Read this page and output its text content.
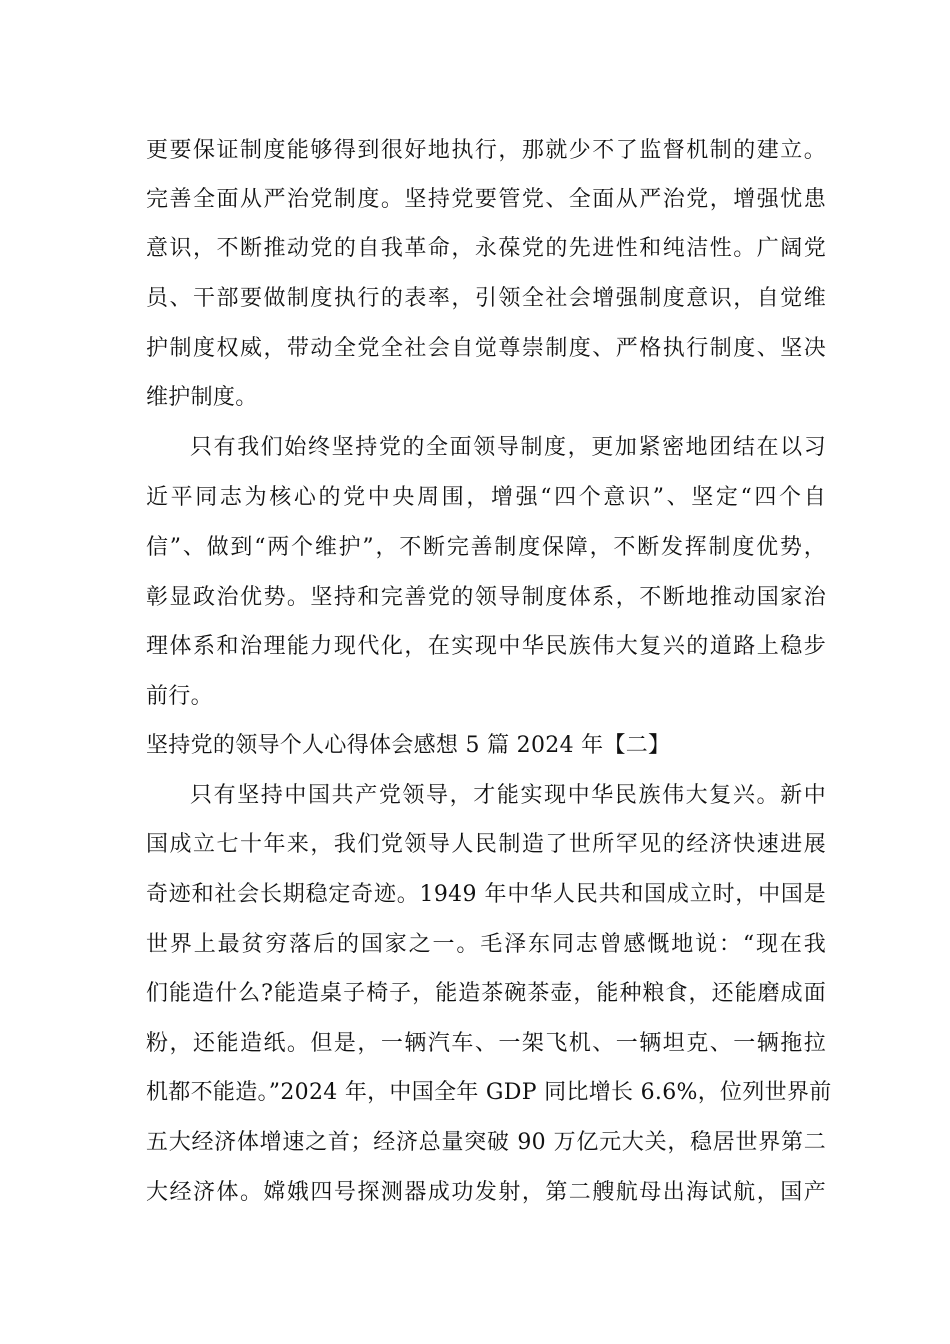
更要保证制度能够得到很好地执行，那就少不了监督机制的建立。
完善全面从严治党制度。坚持党要管党、全面从严治党，增强忧患
意识，不断推动党的自我革命，永葆党的先进性和纯洁性。广阔党
员、干部要做制度执行的表率，引领全社会增强制度意识，自觉维
护制度权威，带动全党全社会自觉尊崇制度、严格执行制度、坚决
维护制度。
只有我们始终坚持党的全面领导制度，更加紧密地团结在以习
近平同志为核心的党中央周围，增强“四个意识”、坚定“四个自
信”、做到“两个维护”，不断完善制度保障，不断发挥制度优势，
彰显政治优势。坚持和完善党的领导制度体系，不断地推动国家治
理体系和治理能力现代化，在实现中华民族伟大复兴的道路上稳步
前行。
坚持党的领导个人心得体会感想 5 篇 2024 年【二】
只有坚持中国共产党领导，才能实现中华民族伟大复兴。新中
国成立七十年来，我们党领导人民制造了世所罕见的经济快速进展
奇迹和社会长期稳定奇迹。1949 年中华人民共和国成立时，中国是
世界上最贫穷落后的国家之一。毛泽东同志曾感慨地说：“现在我
们能造什么?能造桌子椅子，能造茶碗茶壶，能种粮食，还能磨成面
粉，还能造纸。但是，一辆汽车、一架飞机、一辆坦克、一辆拖拉
机都不能造。”2024 年，中国全年 GDP 同比增长 6.6%，位列世界前
五大经济体增速之首；经济总量突破 90 万亿元大关，稳居世界第二
大经济体。嫦娥四号探测器成功发射，第二艘航母出海试航，国产
